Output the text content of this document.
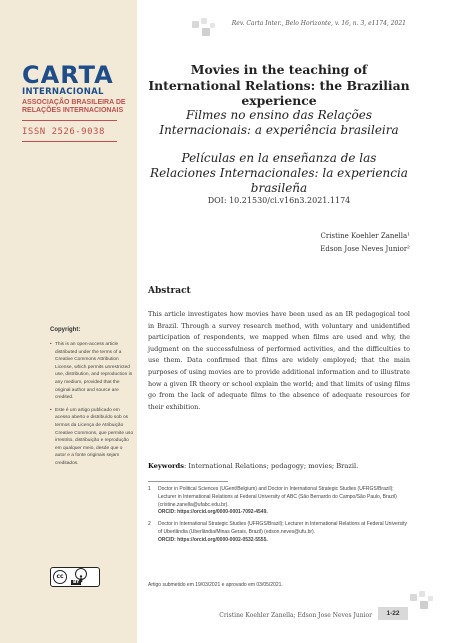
CARTA
INTERNACIONAL
ASSOCIAÇÃO BRASILEIRA DE
RELAÇÕES INTERNACIONAIS
ISSN 2526-9038
Copyright:
• This is an open-access article distributed under the terms of a Creative Commons Attribution License, which permits unrestricted use, distribution, and reproduction in any medium, provided that the original author and source are credited.
• Este é um artigo publicado em acesso aberto e distribuído sob os termos da Licença de Atribuição Creative Commons, que permite uso irrestrito, distribuição e reprodução em qualquer meio, desde que o autor e a fonte originais sejam creditados.
cc
BY
Rev. Carta Inter., Belo Horizonte, v. 16, n. 3, e1174, 2021
Movies in the teaching of International Relations: the Brazilian experience
Filmes no ensino das Relações Internacionais: a experiência brasileira
Películas en la enseñanza de las Relaciones Internacionales: la experiencia brasileña
DOI: 10.21530/ci.v16n3.2021.1174
Cristine Koehler Zanella¹
Edson Jose Neves Junior²
Abstract
This article investigates how movies have been used as an IR pedagogical tool in Brazil. Through a survey research method, with voluntary and unidentified participation of respondents, we mapped when films are used and why, the judgment on the successfulness of performed activities, and the difficulties to use them. Data confirmed that films are widely employed; that the main purposes of using movies are to provide additional information and to illustrate how a given IR theory or school explain the world; and that limits of using films go from the lack of adequate films to the absence of adequate resources for their exhibition.
Keywords: International Relations; pedagogy; movies; Brazil.
1 Doctor in Political Sciences (UGent/Belgium) and Doctor in International Strategic Studies (UFRGS/Brazil); Lecturer in International Relations at Federal University of ABC (São Bernardo do Campo/São Paulo, Brazil) (cristine.zanella@ufabc.edu.br).
ORCID: https://orcid.org/0000-0001-7092-4549.
2 Doctor in International Strategic Studies (UFRGS/Brazil); Lecturer in International Relations at Federal University of Uberlândia (Uberlândia/Minas Gerais, Brazil) (edson.neves@ufu.br).
ORCID: https://orcid.org/0000-0002-0532-5555.
Artigo submetido em 19/03/2021 e aprovado em 03/05/2021.
Cristine Koehler Zanella; Edson Jose Neves Junior	1-22
